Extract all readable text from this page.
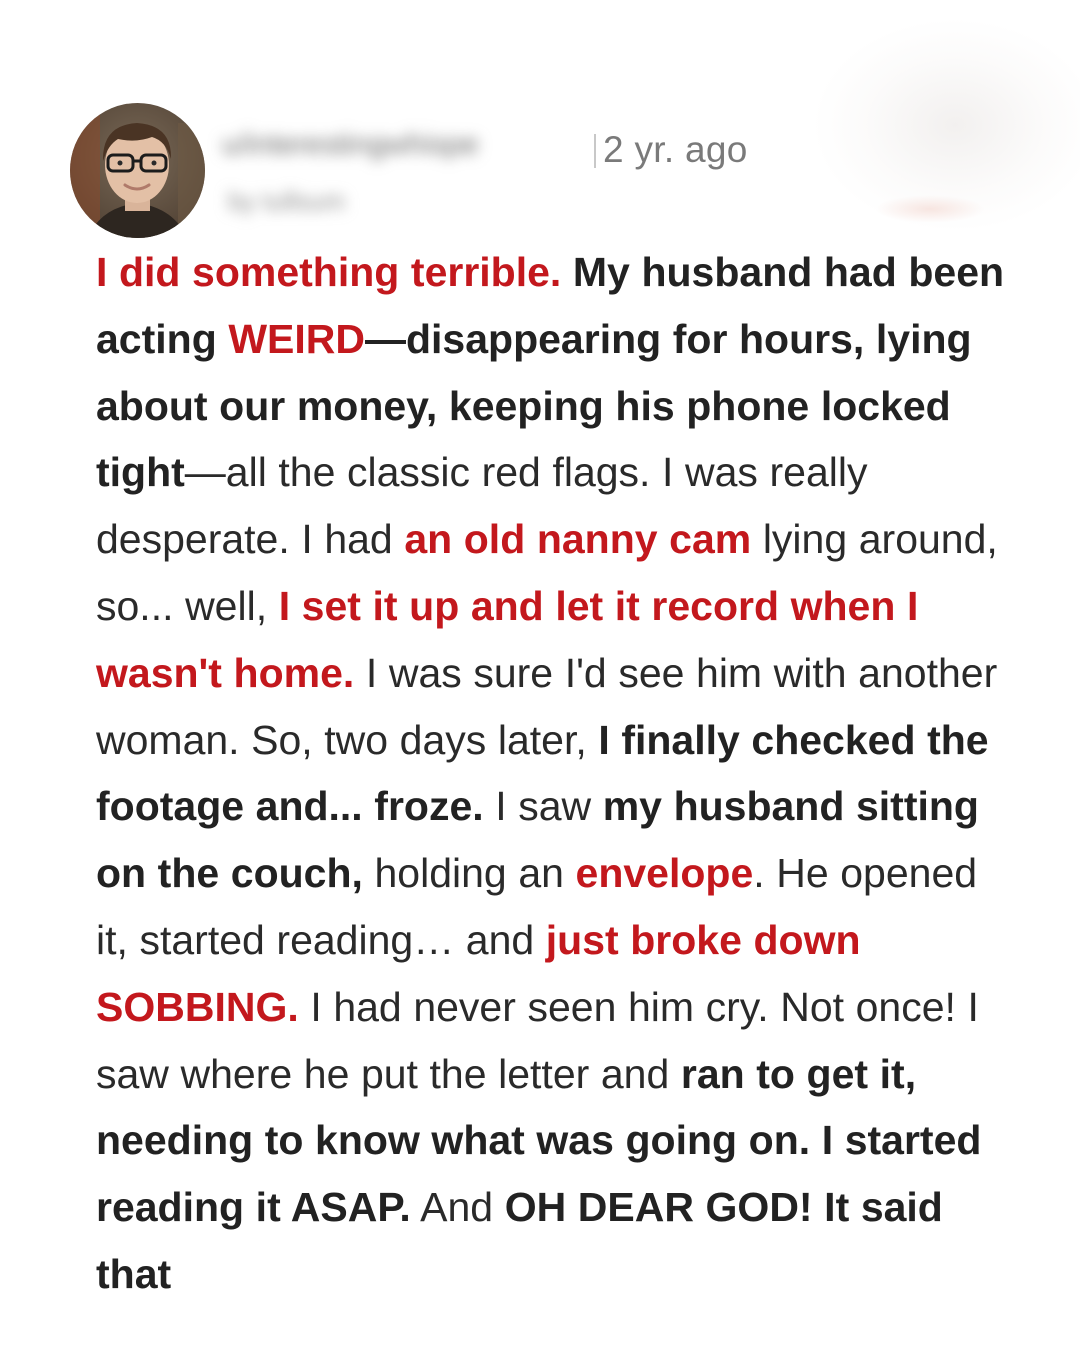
u/interestingwhispe
by tullsum
2 yr. ago
I did something terrible. My husband had been acting WEIRD—disappearing for hours, lying about our money, keeping his phone locked tight—all the classic red flags. I was really desperate. I had an old nanny cam lying around, so... well, I set it up and let it record when I wasn't home. I was sure I'd see him with another woman. So, two days later, I finally checked the footage and... froze. I saw my husband sitting on the couch, holding an envelope. He opened it, started reading… and just broke down SOBBING. I had never seen him cry. Not once! I saw where he put the letter and ran to get it, needing to know what was going on. I started reading it ASAP. And OH DEAR GOD! It said that
